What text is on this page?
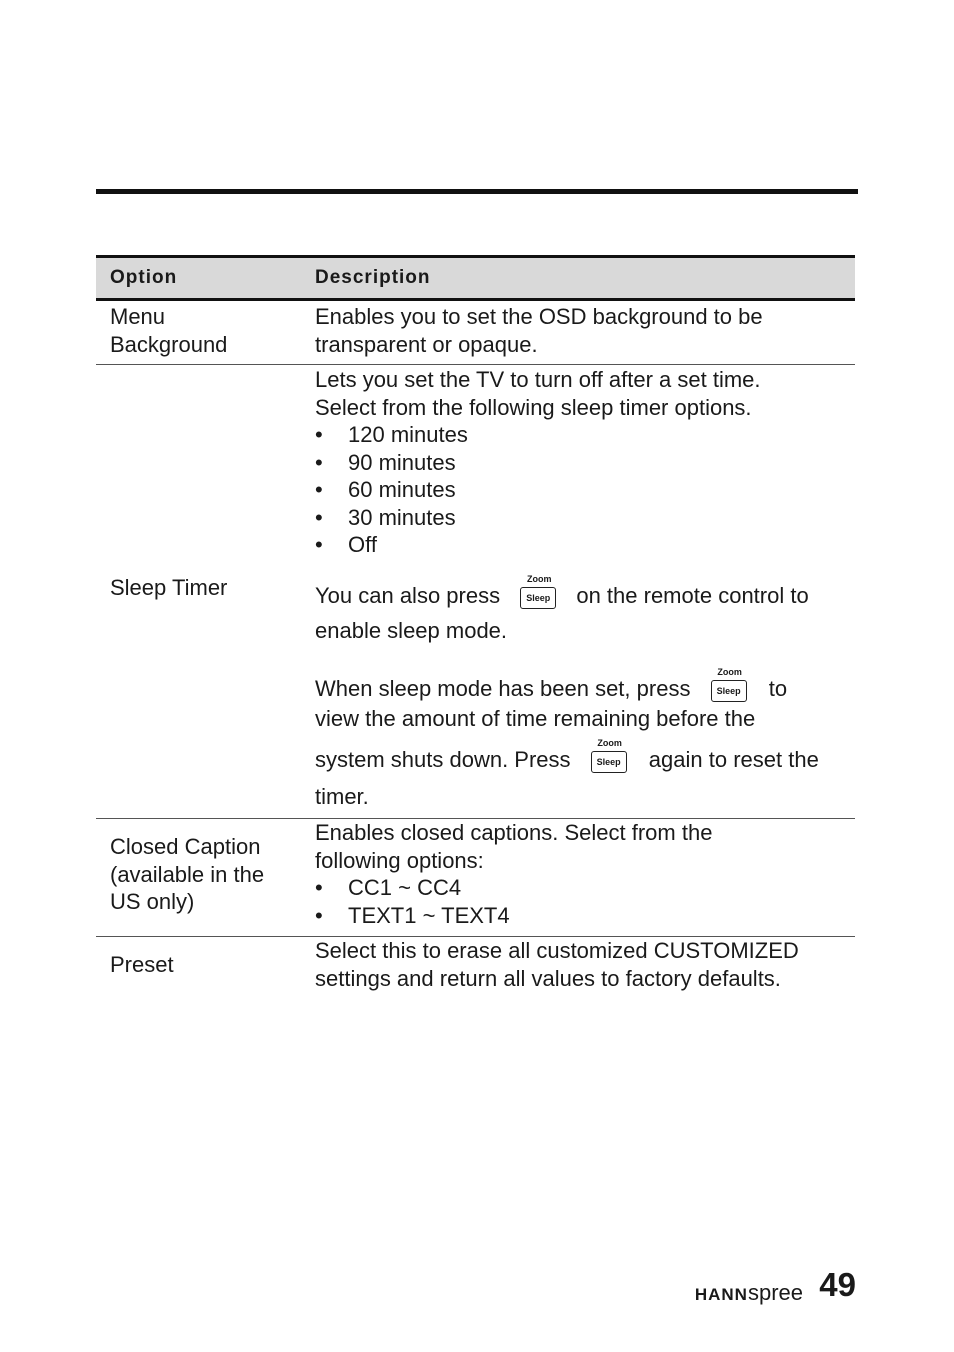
Option	Description
Menu
Background
Enables you to set the OSD background to be
transparent or opaque.
Sleep Timer
Lets you set the TV to turn off after a set time.
Select from the following sleep timer options.
• 120 minutes
• 90 minutes
• 60 minutes
• 30 minutes
• Off
You can also press
Zoom
Sleep on the remote control to
enable sleep mode.
When sleep mode has been set, press
Zoom
Sleep to
view the amount of time remaining before the
system shuts down. Press
Zoom
Sleep again to reset the
timer.
Closed Caption
(available in the
US only)
Enables closed captions. Select from the
following options:
• CC1 ~ CC4
• TEXT1 ~ TEXT4
Preset
Select this to erase all customized CUSTOMIZED
settings and return all values to factory defaults.
HANNspree 49
